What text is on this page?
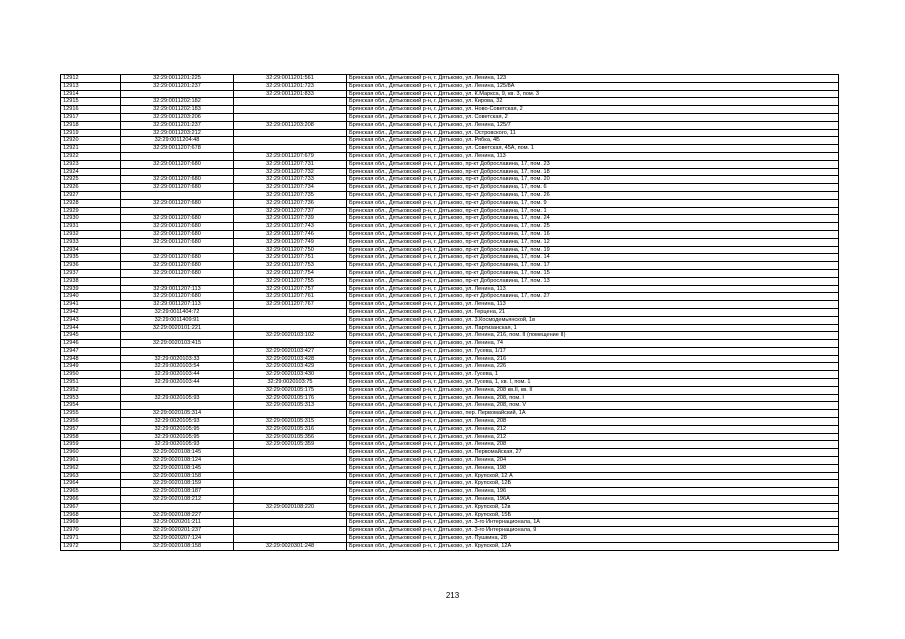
12912	32:29:0011201:225	32:29:0011201:561	Брянская обл., Дятьковский р-н, г. Дятьково, ул. Ленина, 123
12913	32:29:0011201:237	32:29:0011201:723	Брянская обл., Дятьковский р-н, г. Дятьково, ул. Ленина, 125/8А
12914		32:29:0011201:833	Брянская обл., Дятьковский р-н, г. Дятьково, ул. К.Маркса, 9, кв. 3, пом. 3
12915	32:29:0011202:182		Брянская обл., Дятьковский р-н, г. Дятьково, ул. Кирова, 32
12916	32:29:0011202:183		Брянская обл., Дятьковский р-н, г. Дятьково, ул. Ново-Советская, 2
12917	32:29:0011203:206		Брянская обл., Дятьковский р-н, г. Дятьково, ул. Советская, 2
12918	32:29:0011201:237	32:29:0011203:208	Брянская обл., Дятьковский р-н, г. Дятьково, ул. Ленина, 125/7
12919	32:29:0011203:212		Брянская обл., Дятьковский р-н, г. Дятьково, ул. Островского, 11
12920	32:29:0011204:48		Брянская обл., Дятьковский р-н, г. Дятьково, ул. Рябка, 4Б
12921	32:29:0011207:678		Брянская обл., Дятьковский р-н, г. Дятьково, ул. Советская, 45А, пом. 1
12922		32:29:0011207:679	Брянская обл., Дятьковский р-н, г. Дятьково, ул. Ленина, 113
12923	32:29:0011207:680	32:29:0011207:731	Брянская обл., Дятьковский р-н, г. Дятьково, пр-кт Доброславина, 17, пом. 23
12924		32:29:0011207:732	Брянская обл., Дятьковский р-н, г. Дятьково, пр-кт Доброславина, 17, пом. 18
12925	32:29:0011207:680	32:29:0011207:733	Брянская обл., Дятьковский р-н, г. Дятьково, пр-кт Доброславина, 17, пом. 20
12926	32:29:0011207:680	32:29:0011207:734	Брянская обл., Дятьковский р-н, г. Дятьково, пр-кт Доброславина, 17, пом. 6
12927		32:29:0011207:735	Брянская обл., Дятьковский р-н, г. Дятьково, пр-кт Доброславина, 17, пом. 26
12928	32:29:0011207:680	32:29:0011207:736	Брянская обл., Дятьковский р-н, г. Дятьково, пр-кт Доброславина, 17, пом. 9
12929		32:29:0011207:737	Брянская обл., Дятьковский р-н, г. Дятьково, пр-кт Доброславина, 17, пом. 1
12930	32:29:0011207:680	32:29:0011207:739	Брянская обл., Дятьковский р-н, г. Дятьково, пр-кт Доброславина, 17, пом. 24
12931	32:29:0011207:680	32:29:0011207:743	Брянская обл., Дятьковский р-н, г. Дятьково, пр-кт Доброславина, 17, пом. 25
12932	32:29:0011207:680	32:29:0011207:746	Брянская обл., Дятьковский р-н, г. Дятьково, пр-кт Доброславина, 17, пом. 16
12933	32:29:0011207:680	32:29:0011207:749	Брянская обл., Дятьковский р-н, г. Дятьково, пр-кт Доброславина, 17, пом. 12
12934		32:29:0011207:750	Брянская обл., Дятьковский р-н, г. Дятьково, пр-кт Доброславина, 17, пом. 19
12935	32:29:0011207:680	32:29:0011207:751	Брянская обл., Дятьковский р-н, г. Дятьково, пр-кт Доброславина, 17, пом. 14
12936	32:29:0011207:680	32:29:0011207:753	Брянская обл., Дятьковский р-н, г. Дятьково, пр-кт Доброславина, 17, пом. 17
12937	32:29:0011207:680	32:29:0011207:754	Брянская обл., Дятьковский р-н, г. Дятьково, пр-кт Доброславина, 17, пом. 15
12938		32:29:0011207:755	Брянская обл., Дятьковский р-н, г. Дятьково, пр-кт Доброславина, 17, пом. 13
12939	32:29:0011207:113	32:29:0011207:757	Брянская обл., Дятьковский р-н, г. Дятьково, ул. Ленина, 113
12940	32:29:0011207:680	32:29:0011207:761	Брянская обл., Дятьковский р-н, г. Дятьково, пр-кт Доброславина, 17, пом. 27
12941	32:29:0011207:113	32:29:0011207:767	Брянская обл., Дятьковский р-н, г. Дятьково, ул. Ленина, 113
12942	32:29:0011404:72		Брянская обл., Дятьковский р-н, г. Дятьково, ул. Герцена, 21
12943	32:29:0011409:91		Брянская обл., Дятьковский р-н, г. Дятьково, ул. 3.Космодемьянской, 1в
12944	32:29:0020101:221		Брянская обл., Дятьковский р-н, г. Дятьково, ул. Партизанская, 1
12945		32:29:0020103:102	Брянская обл., Дятьковский р-н, г. Дятьково, ул. Ленина, 216, пом. II (помещение II)
12946	32:29:0020103:415		Брянская обл., Дятьковский р-н, г. Дятьково, ул. Ленина, 74
12947		32:29:0020103:427	Брянская обл., Дятьковский р-н, г. Дятьково, ул. Гусева, 1/17
12948	32:29:0020103:33	32:29:0020103:428	Брянская обл., Дятьковский р-н, г. Дятьково, ул. Ленина, 216
12949	32:29:0020103:54	32:29:0020103:429	Брянская обл., Дятьковский р-н, г. Дятьково, ул. Ленина, 226
12950	32:29:0020103:44	32:29:0020103:430	Брянская обл., Дятьковский р-н, г. Дятьково, ул. Гусева, 1
12951	32:29:0020103:44	32:29:0020103:75	Брянская обл., Дятьковский р-н, г. Дятьково, ул. Гусева, 1, кв. I, пом. 1
12952		32:29:0020105:175	Брянская обл., Дятьковский р-н, г. Дятьково, ул. Ленина, 208 кв.II, кв. II
12953	32:29:0020105:93	32:29:0020105:176	Брянская обл., Дятьковский р-н, г. Дятьково, ул. Ленина, 208, пом. I
12954		32:29:0020105:313	Брянская обл., Дятьковский р-н, г. Дятьково, ул. Ленина, 208, пом. V
12955	32:29:0020105:314		Брянская обл., Дятьковский р-н, г. Дятьково, пер. Первомайский, 1А
12956	32:29:0020105:93	32:29:0020105:315	Брянская обл., Дятьковский р-н, г. Дятьково, ул. Ленина, 208
12957	32:29:0020105:95	32:29:0020105:316	Брянская обл., Дятьковский р-н, г. Дятьково, ул. Ленина, 212
12958	32:29:0020105:95	32:29:0020105:356	Брянская обл., Дятьковский р-н, г. Дятьково, ул. Ленина, 212
12959	32:29:0020105:93	32:29:0020105:359	Брянская обл., Дятьковский р-н, г. Дятьково, ул. Ленина, 208
12960	32:29:0020108:145		Брянская обл., Дятьковский р-н, г. Дятьково, ул. Первомайская, 27
12961	32:29:0020108:124		Брянская обл., Дятьковский р-н, г. Дятьково, ул. Ленина, 204
12962	32:29:0020108:145		Брянская обл., Дятьковский р-н, г. Дятьково, ул. Ленина, 198
12963	32:29:0020108:158		Брянская обл., Дятьковский р-н, г. Дятьково, ул. Крупской, 12 А
12964	32:29:0020108:159		Брянская обл., Дятьковский р-н, г. Дятьково, ул. Крупской, 12Б
12965	32:29:0020108:187		Брянская обл., Дятьковский р-н, г. Дятьково, ул. Ленина, 196
12966	32:29:0020108:212		Брянская обл., Дятьковский р-н, г. Дятьково, ул. Ленина, 196А
12967		32:29:0020108:220	Брянская обл., Дятьковский р-н, г. Дятьково, ул. Крупской, 12в
12968	32:29:0020108:227		Брянская обл., Дятьковский р-н, г. Дятьково, ул. Крупской, 15Б
12969	32:29:0020201:211		Брянская обл., Дятьковский р-н, г. Дятьково, ул. 3-го Интернационала, 1А
12970	32:29:0020201:237		Брянская обл., Дятьковский р-н, г. Дятьково, ул. 3-го Интернационала, 9
12971	32:29:0020207:124		Брянская обл., Дятьковский р-н, г. Дятьково, ул. Пушкина, 28
12972	32:29:0020108:158	32:29:0020301:248	Брянская обл., Дятьковский р-н, г. Дятьково, ул. Крупской, 12А
213
